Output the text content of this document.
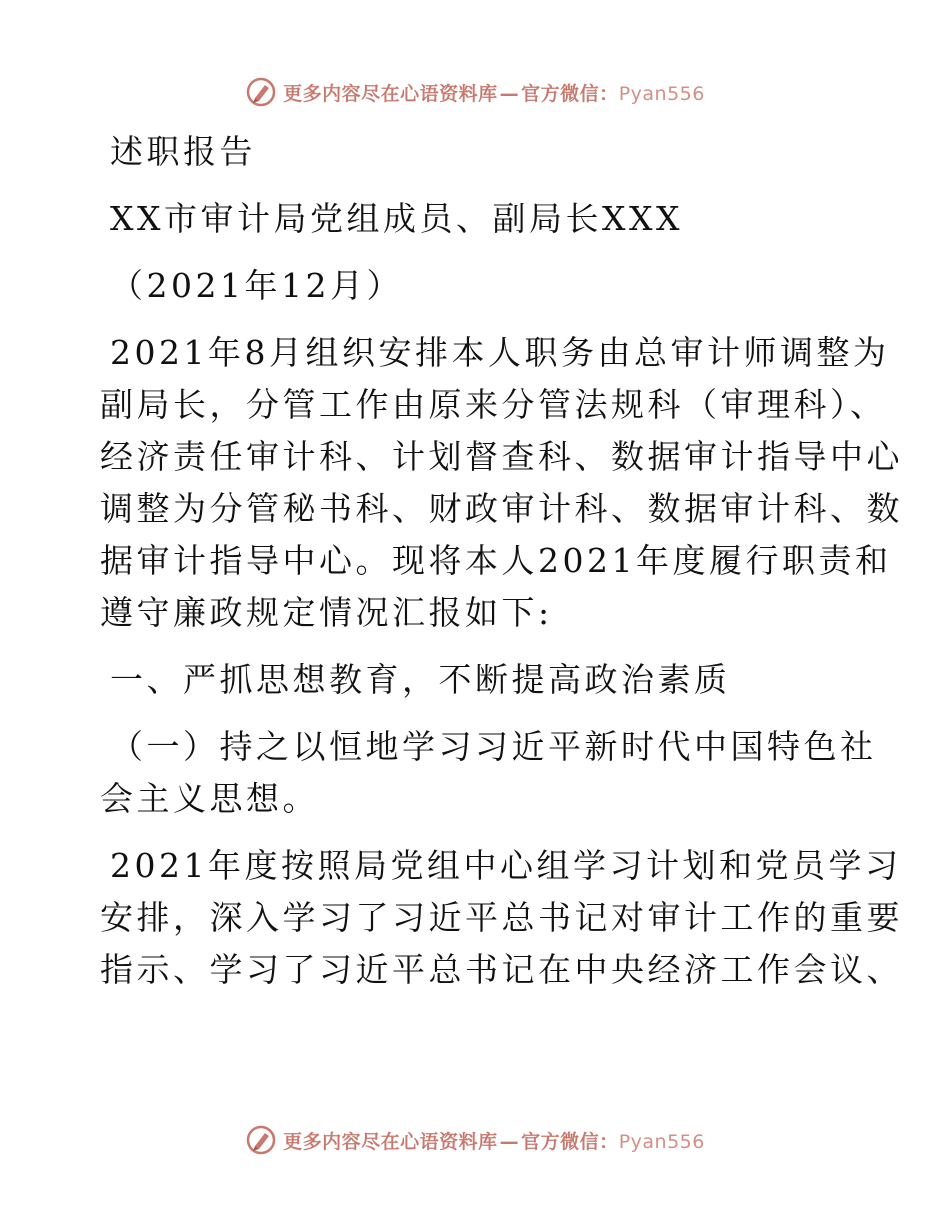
更多内容尽在心语资料库 — 官方微信：Pyan556

述职报告

XX市审计局党组成员、副局长XXX

（2021年12月）

2021年8月组织安排本人职务由总审计师调整为
副局长，分管工作由原来分管法规科（审理科）、
经济责任审计科、计划督查科、数据审计指导中心
调整为分管秘书科、财政审计科、数据审计科、数
据审计指导中心。现将本人2021年度履行职责和
遵守廉政规定情况汇报如下:

一、严抓思想教育，不断提高政治素质

（一）持之以恒地学习习近平新时代中国特色社
会主义思想。
2021年度按照局党组中心组学习计划和党员学习
安排，深入学习了习近平总书记对审计工作的重要
指示、学习了习近平总书记在中央经济工作会议、
更多内容尽在心语资料库 — 官方微信：Pyan556
